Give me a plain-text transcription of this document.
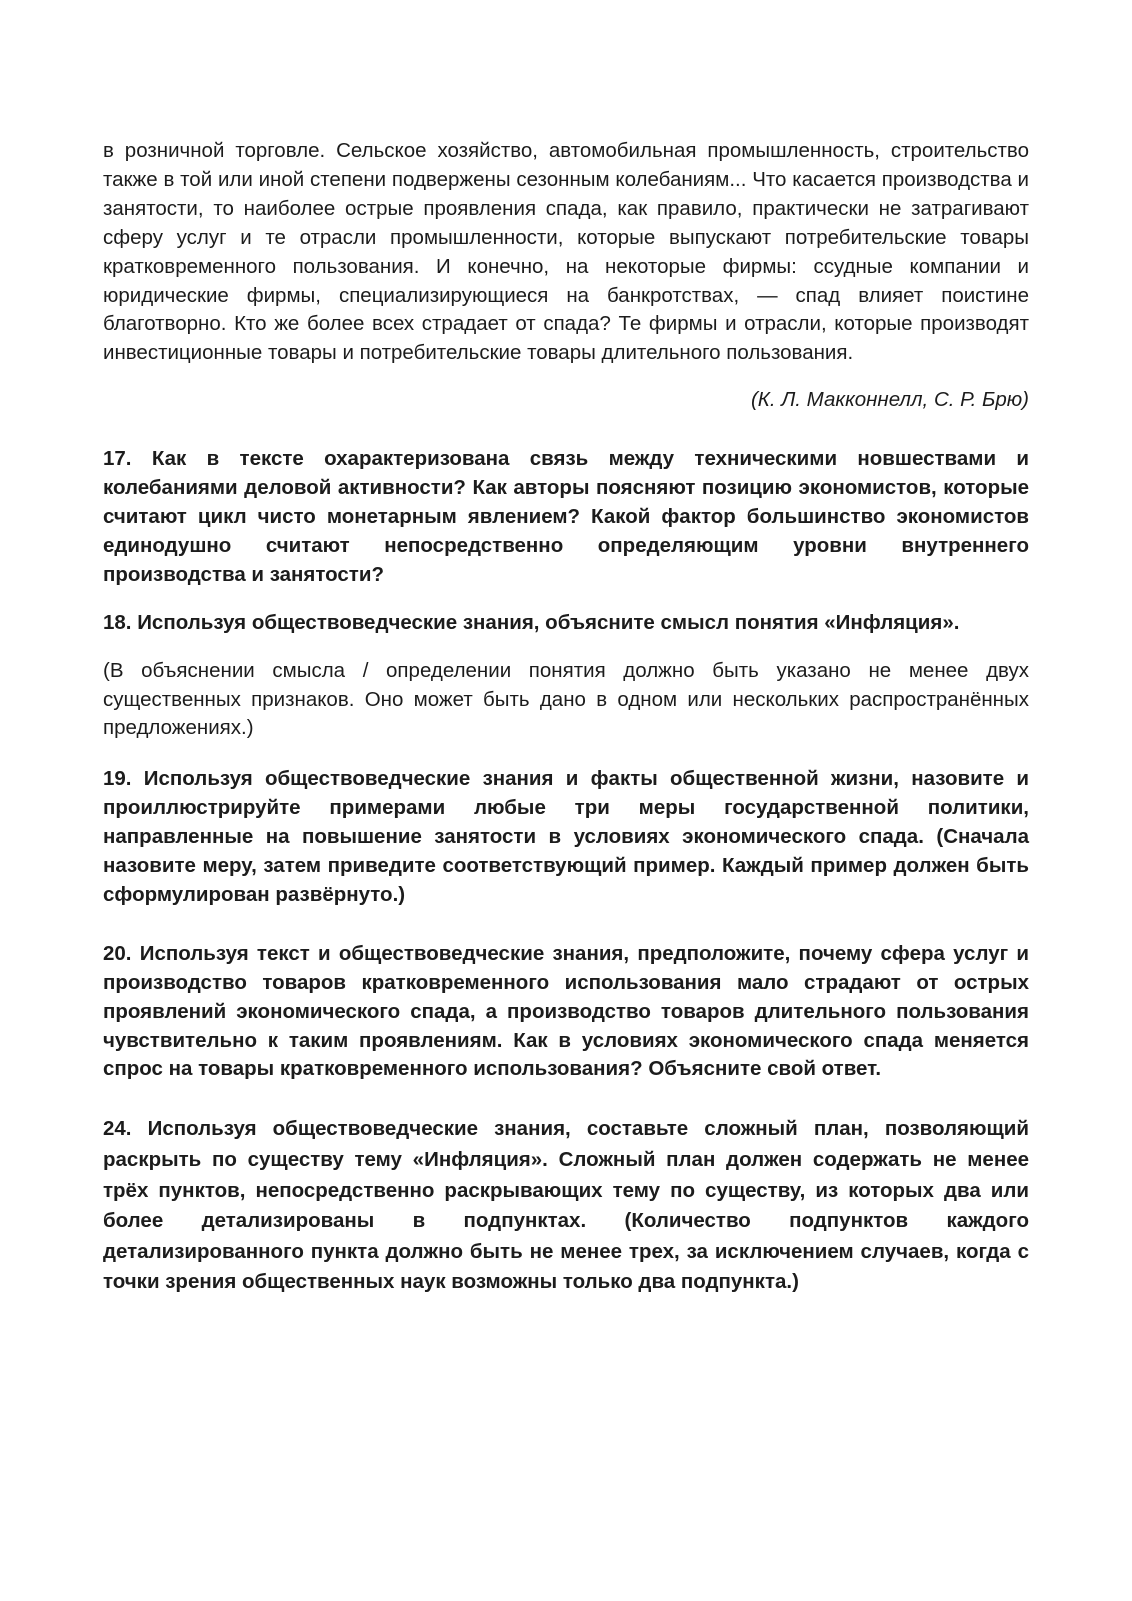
в розничной торговле. Сельское хозяйство, автомобильная промышленность, строительство также в той или иной степени подвержены сезонным колебаниям... Что касается производства и занятости, то наиболее острые проявления спада, как правило, практически не затрагивают сферу услуг и те отрасли промышленности, которые выпускают потребительские товары кратковременного пользования. И конечно, на некоторые фирмы: ссудные компании и юридические фирмы, специализирующиеся на банкротствах, — спад влияет поистине благотворно. Кто же более всех страдает от спада? Те фирмы и отрасли, которые производят инвестиционные товары и потребительские товары длительного пользования.

(К. Л. Макконнелл, С. Р. Брю)

17. Как в тексте охарактеризована связь между техническими новшествами и колебаниями деловой активности? Как авторы поясняют позицию экономистов, которые считают цикл чисто монетарным явлением? Какой фактор большинство экономистов единодушно считают непосредственно определяющим уровни внутреннего производства и занятости?

18. Используя обществоведческие знания, объясните смысл понятия «Инфляция».

(В объяснении смысла / определении понятия должно быть указано не менее двух существенных признаков. Оно может быть дано в одном или нескольких распространённых предложениях.)

19. Используя обществоведческие знания и факты общественной жизни, назовите и проиллюстрируйте примерами любые три меры государственной политики, направленные на повышение занятости в условиях экономического спада. (Сначала назовите меру, затем приведите соответствующий пример. Каждый пример должен быть сформулирован развёрнуто.)

20. Используя текст и обществоведческие знания, предположите, почему сфера услуг и производство товаров кратковременного использования мало страдают от острых проявлений экономического спада, а производство товаров длительного пользования чувствительно к таким проявлениям. Как в условиях экономического спада меняется спрос на товары кратковременного использования? Объясните свой ответ.

24. Используя обществоведческие знания, составьте сложный план, позволяющий раскрыть по существу тему «Инфляция». Сложный план должен содержать не менее трёх пунктов, непосредственно раскрывающих тему по существу, из которых два или более детализированы в подпунктах. (Количество подпунктов каждого детализированного пункта должно быть не менее трех, за исключением случаев, когда с точки зрения общественных наук возможны только два подпункта.)
